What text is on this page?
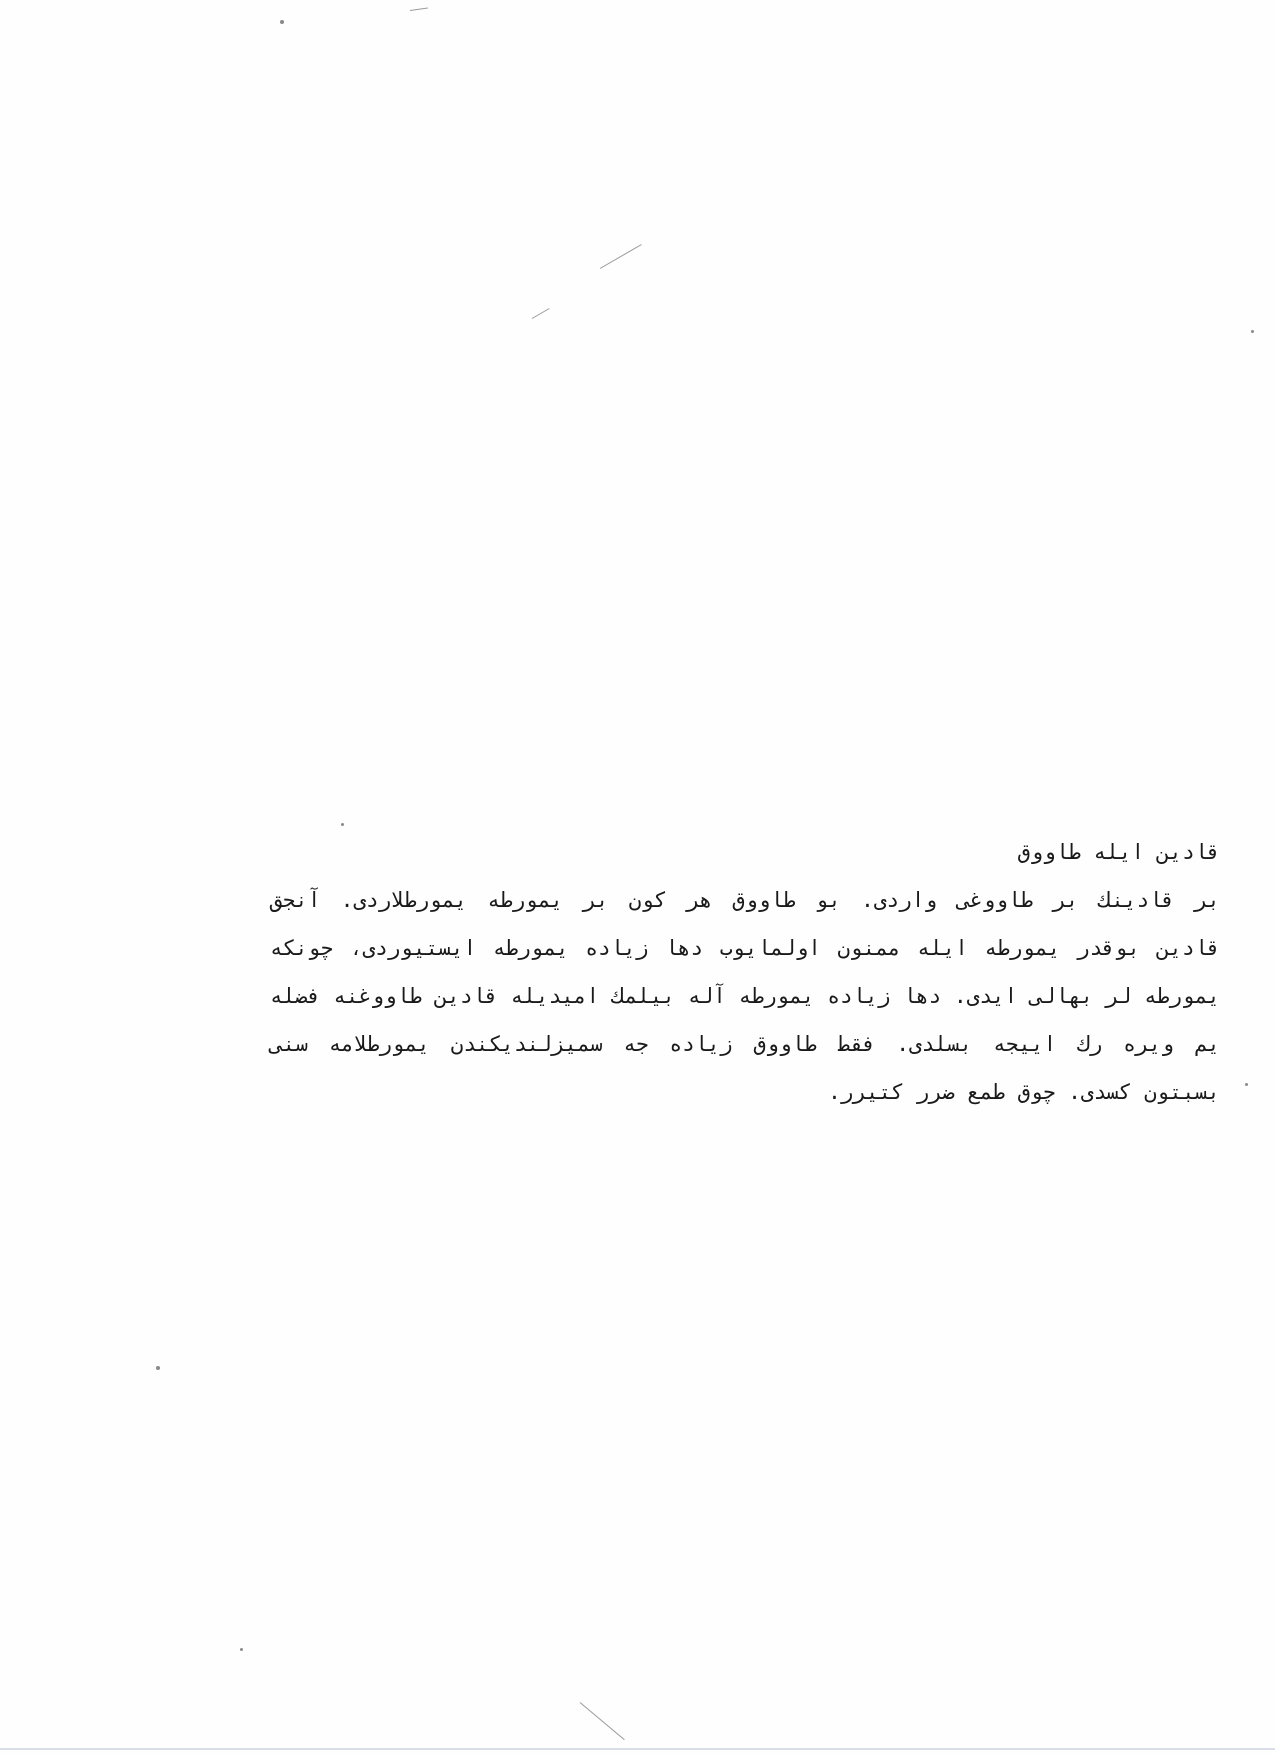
قادين ايله طاووق
بر قادينك بر طاووغى واردى. بو طاووق هر كون بر يمورطه يمورطلاردى. آنجق
قادين بوقدر يمورطه ايله ممنون اولمايوب دها زياده يمورطه ايستيوردى، چونكه
يمورطه لر بهالى ايدى. دها زياده يمورطه آله بيلمك اميديله قادين طاووغنه فضله
يم ويره رك اييجه بسلدى. فقط طاووق زياده جه سميزلنديكندن يمورطلامه سنى
بسبتون كسدى. چوق طمع ضرر كتيرر.
